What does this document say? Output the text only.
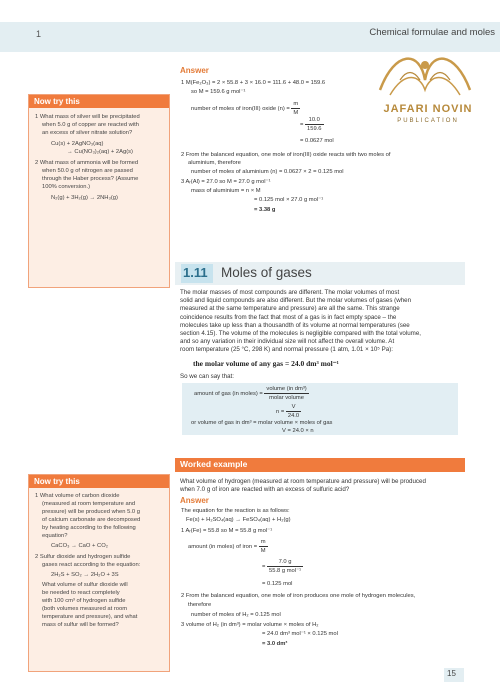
1	Chemical formulae and moles
JAFARI NOVIN
PUBLICATION
Answer
1 M(Fe₂O₃) = 2 × 55.8 + 3 × 16.0 = 111.6 + 48.0 = 159.6
so M = 159.6 g mol⁻¹
number of moles of iron(III) oxide $(n) = \frac{m}{M}$
= $\frac{10.0}{159.6}$
= 0.0627 mol
2 From the balanced equation, one mole of iron(III) oxide reacts with two moles of
aluminium, therefore
number of moles of aluminium (n) = 0.0627 × 2 = 0.125 mol
3 Aᵣ(Al) = 27.0 so M = 27.0 g mol⁻¹
mass of aluminium = n × M
= 0.125 mol × 27.0 g mol⁻¹
= 3.38 g
Now try this
1 What mass of silver will be precipitated
when 5.0 g of copper are reacted with
an excess of silver nitrate solution?
Cu(s) + 2AgNO₃(aq)
→ Cu(NO₃)₂(aq) + 2Ag(s)
2 What mass of ammonia will be formed
when 50.0 g of nitrogen are passed
through the Haber process? (Assume
100% conversion.)
N₂(g) + 3H₂(g) → 2NH₃(g)
1.11 Moles of gases
The molar masses of most compounds are different. The molar volumes of most
solid and liquid compounds are also different. But the molar volumes of gases (when
measured at the same temperature and pressure) are all the same. This strange
coincidence results from the fact that most of a gas is in fact empty space – the
molecules take up less than a thousandth of its volume at normal temperatures (see
section 4.15). The volume of the molecules is negligible compared with the total volume,
and so any variation in their individual size will not affect the overall volume. At
room temperature (25 °C, 298 K) and normal pressure (1 atm, 1.01 × 10⁵ Pa):
the molar volume of any gas = 24.0 dm³ mol⁻¹
So we can say that:
amount of gas (in moles) = $\frac{\text{volume (in dm³)}}{\text{molar volume}}$
$n = \frac{V}{24.0}$
or volume of gas in dm³ = molar volume × moles of gas
V = 24.0 × n
Worked example
What volume of hydrogen (measured at room temperature and pressure) will be produced
when 7.0 g of iron are reacted with an excess of sulfuric acid?
Answer
The equation for the reaction is as follows:
Fe(s) + H₂SO₄(aq) → FeSO₄(aq) + H₂(g)
1 Aᵣ(Fe) = 55.8 so M = 55.8 g mol⁻¹
amount (in moles) of iron = $\frac{m}{M}$
= $\frac{7.0 g}{\text{55.8 g mol⁻¹}}$
= 0.125 mol
2 From the balanced equation, one mole of iron produces one mole of hydrogen molecules,
therefore
number of moles of H₂ = 0.125 mol
3 volume of H₂ (in dm³) = molar volume × moles of H₂
= 24.0 dm³ mol⁻¹ × 0.125 mol
= 3.0 dm³
Now try this
1 What volume of carbon dioxide
(measured at room temperature and
pressure) will be produced when 5.0 g
of calcium carbonate are decomposed
by heating according to the following
equation?
CaCO₃ → CaO + CO₂
2 Sulfur dioxide and hydrogen sulfide
gases react according to the equation:
2H₂S + SO₂ → 2H₂O + 3S
What volume of sulfur dioxide will
be needed to react completely
with 100 cm³ of hydrogen sulfide
(both volumes measured at room
temperature and pressure), and what
mass of sulfur will be formed?
15
